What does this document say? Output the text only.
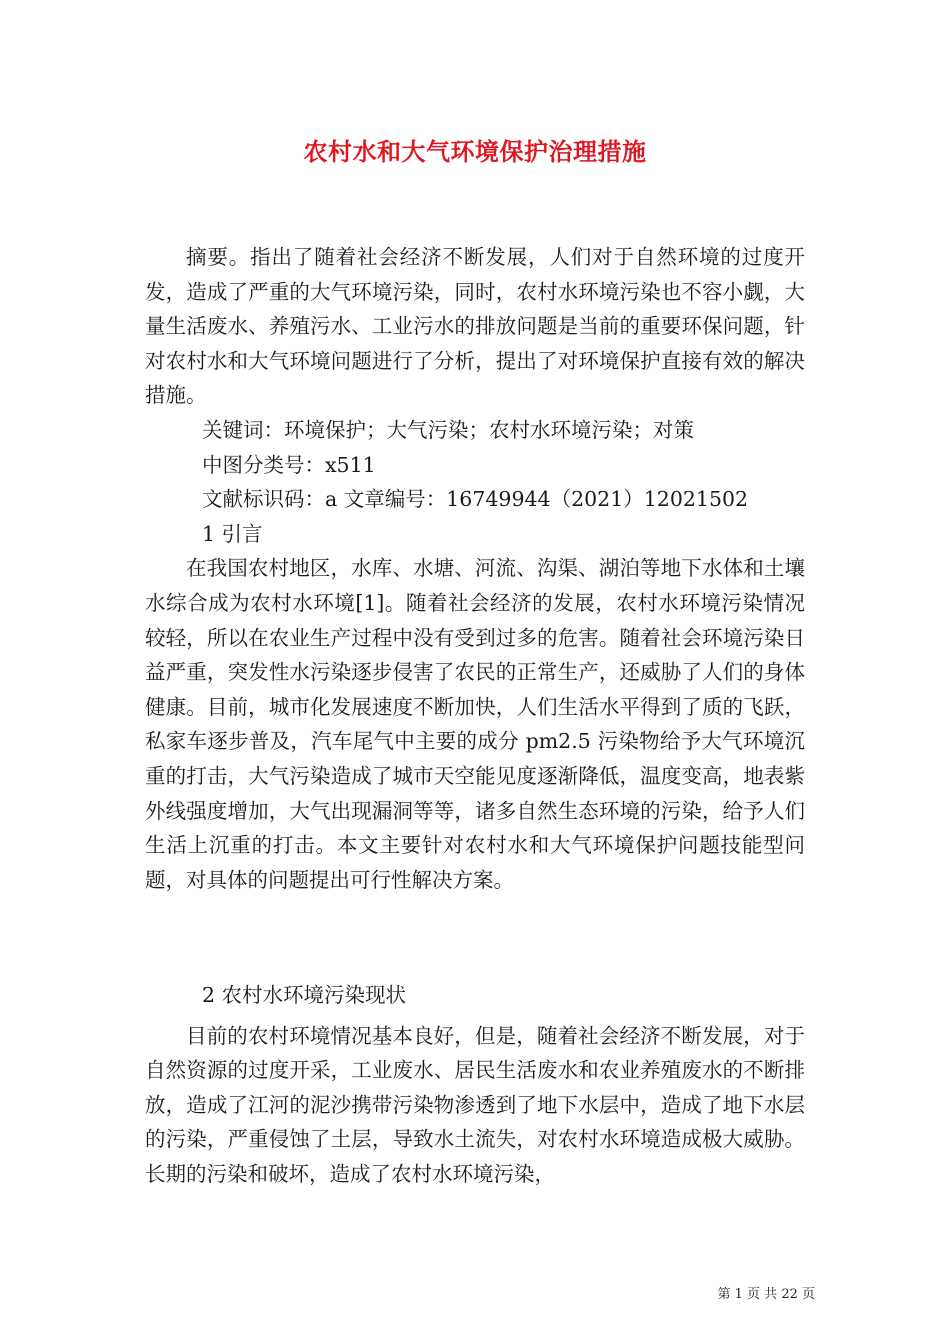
农村水和大气环境保护治理措施

摘要。指出了随着社会经济不断发展，人们对于自然环境的过度开发，造成了严重的大气环境污染，同时，农村水环境污染也不容小觑，大量生活废水、养殖污水、工业污水的排放问题是当前的重要环保问题，针对农村水和大气环境问题进行了分析，提出了对环境保护直接有效的解决措施。

关键词：环境保护；大气污染；农村水环境污染；对策

中图分类号：x511

文献标识码：a 文章编号：16749944（2021）12021502

1 引言

在我国农村地区，水库、水塘、河流、沟渠、湖泊等地下水体和土壤水综合成为农村水环境[1]。随着社会经济的发展，农村水环境污染情况较轻，所以在农业生产过程中没有受到过多的危害。随着社会环境污染日益严重，突发性水污染逐步侵害了农民的正常生产，还威胁了人们的身体健康。目前，城市化发展速度不断加快，人们生活水平得到了质的飞跃，私家车逐步普及，汽车尾气中主要的成分 pm2.5 污染物给予大气环境沉重的打击，大气污染造成了城市天空能见度逐渐降低，温度变高，地表紫外线强度增加，大气出现漏洞等等，诸多自然生态环境的污染，给予人们生活上沉重的打击。本文主要针对农村水和大气环境保护问题技能型问题，对具体的问题提出可行性解决方案。

2 农村水环境污染现状

目前的农村环境情况基本良好，但是，随着社会经济不断发展，对于自然资源的过度开采，工业废水、居民生活废水和农业养殖废水的不断排放，造成了江河的泥沙携带污染物渗透到了地下水层中，造成了地下水层的污染，严重侵蚀了土层，导致水土流失，对农村水环境造成极大威胁。长期的污染和破坏，造成了农村水环境污染，

第 1 页 共 22 页
